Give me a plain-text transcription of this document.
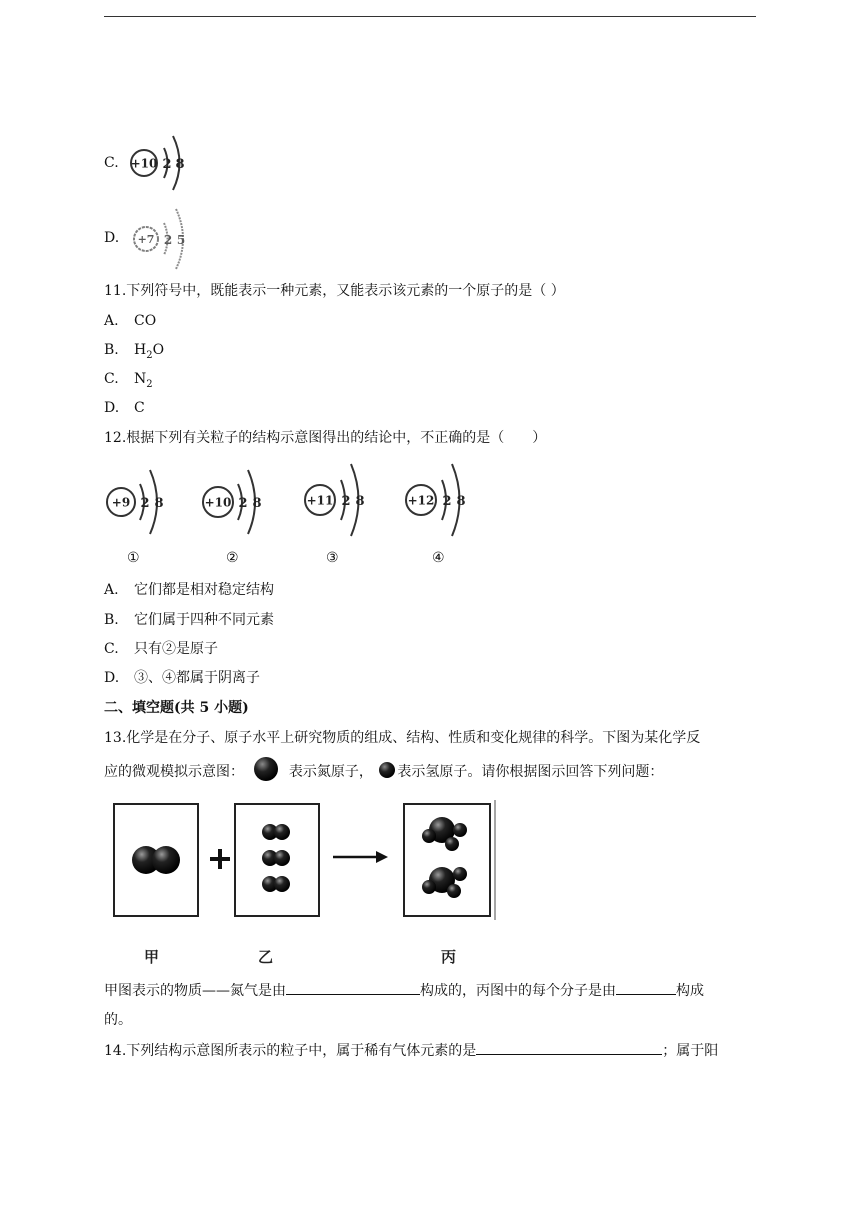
C. +10 2 8
D. +7 2 5
11.下列符号中，既能表示一种元素，又能表示该元素的一个原子的是（ ）
A. CO
B. $H_2O$
C. $N_2$
D. C
12.根据下列有关粒子的结构示意图得出的结论中，不正确的是（　　）
+9 2 8	+10 2 8	+11 2 8	+12 2 8
①	②	③	④
A. 它们都是相对稳定结构
B. 它们属于四种不同元素
C. 只有②是原子
D. ③、④都属于阴离子
二、填空题(共 5 小题)
13.化学是在分子、原子水平上研究物质的组成、结构、性质和变化规律的科学。下图为某化学反
应的微观模拟示意图：	表示氮原子， 表示氢原子。请你根据图示回答下列问题：
甲	乙	丙
甲图表示的物质——氮气是由	构成的，丙图中的每个分子是由	构成
的。
14.下列结构示意图所表示的粒子中，属于稀有气体元素的是	；属于阳
